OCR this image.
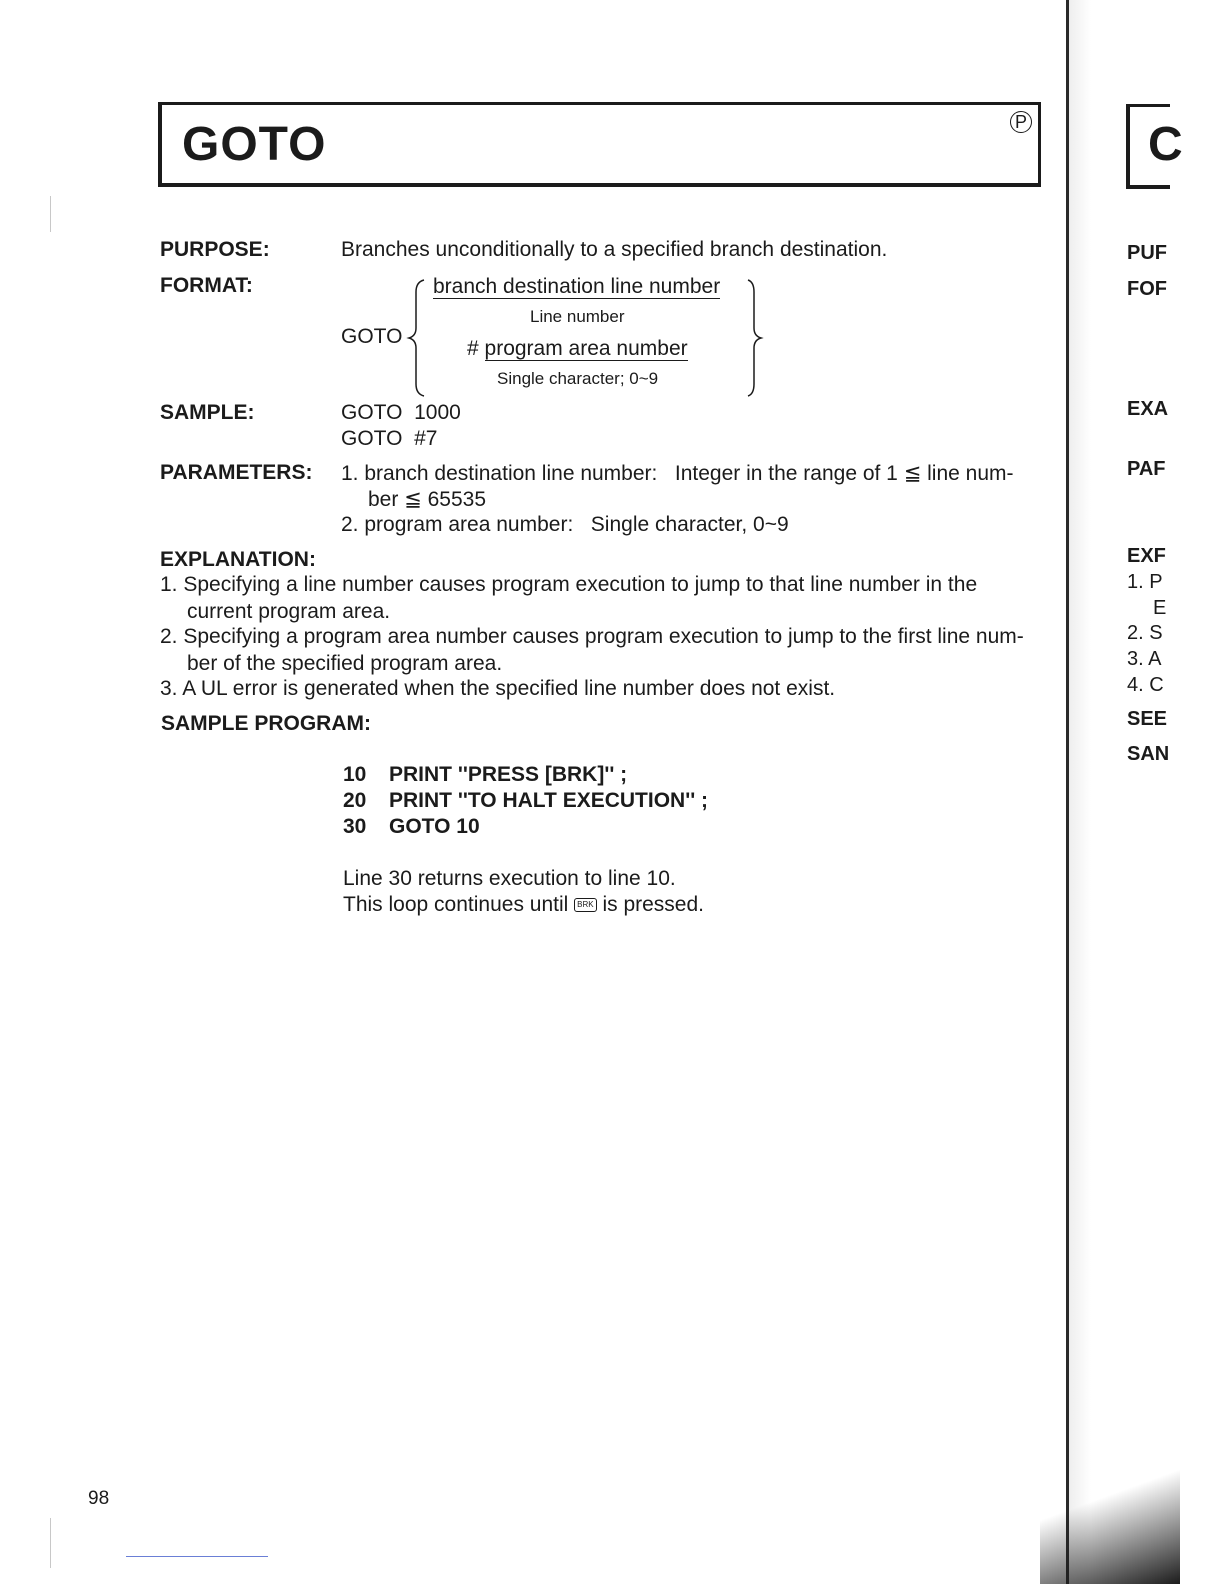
GOTO	P
PURPOSE:	Branches unconditionally to a specified branch destination.
FORMAT:
GOTO
branch destination line number
Line number
# program area number
Single character; 0~9
SAMPLE:	GOTO  1000
GOTO  #7
PARAMETERS: 1. branch destination line number:   Integer in the range of 1 ≦ line num-
ber ≦ 65535
2. program area number:   Single character, 0~9
EXPLANATION:
1. Specifying a line number causes program execution to jump to that line number in the
current program area.
2. Specifying a program area number causes program execution to jump to the first line num-
ber of the specified program area.
3. A UL error is generated when the specified line number does not exist.
SAMPLE PROGRAM:
10 PRINT ''PRESS [BRK]'' ;
20 PRINT ''TO HALT EXECUTION'' ;
30 GOTO 10
Line 30 returns execution to line 10.
This loop continues until BRK is pressed.
98
C
PUF
FOF
EXA
PAF
EXF
1. P
E
2. S
3. A
4. C
SEE
SAN
